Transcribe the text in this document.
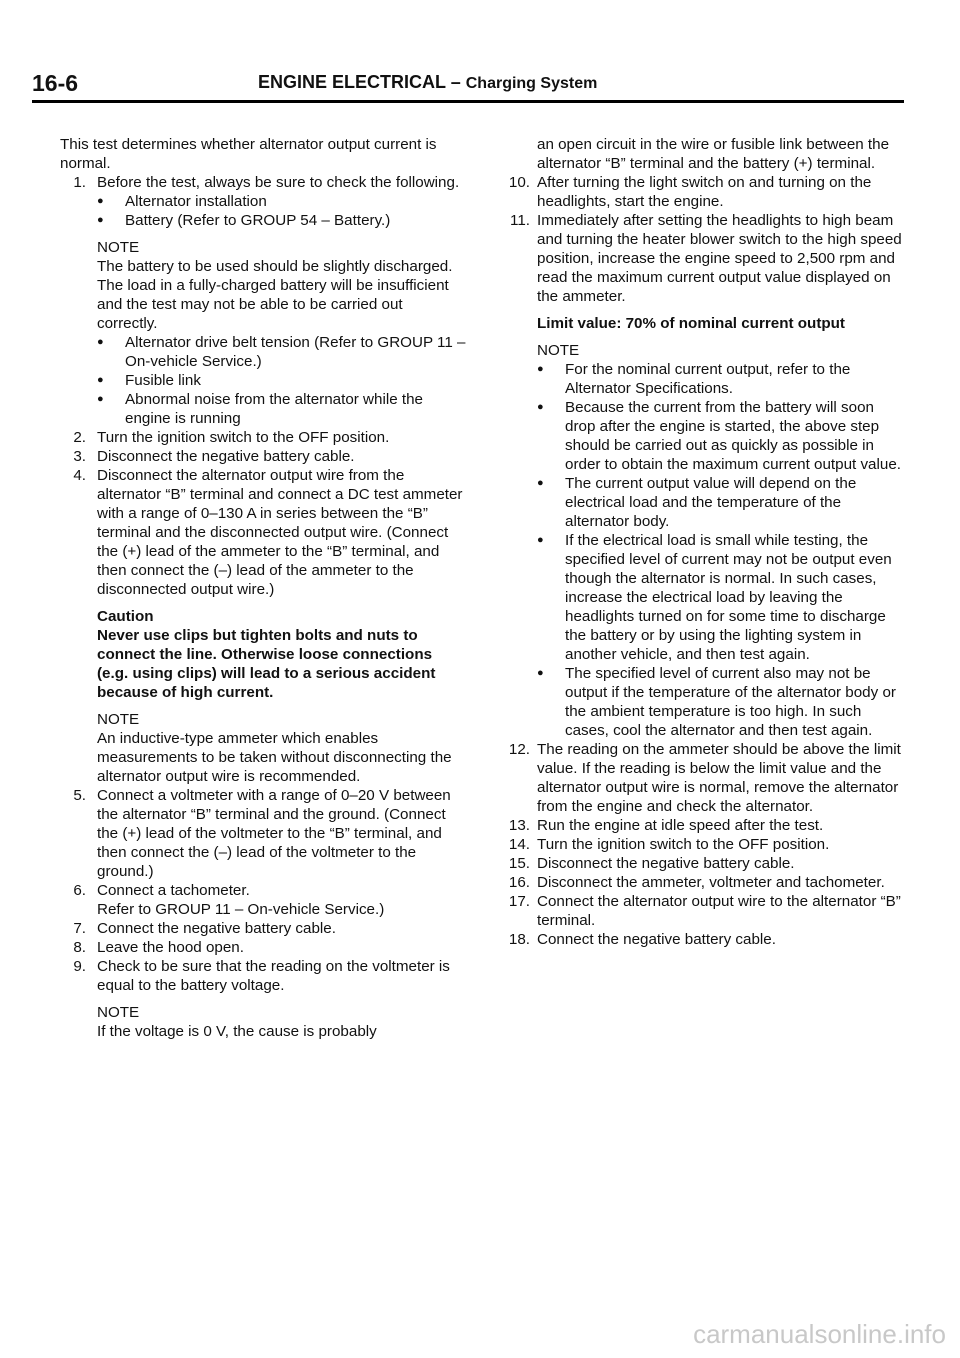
16-6	ENGINE ELECTRICAL – Charging System

This test determines whether alternator output current is normal.

1. Before the test, always be sure to check the following.
● Alternator installation
● Battery (Refer to GROUP 54 – Battery.)
NOTE
The battery to be used should be slightly discharged. The load in a fully-charged battery will be insufficient and the test may not be able to be carried out correctly.
● Alternator drive belt tension (Refer to GROUP 11 – On-vehicle Service.)
● Fusible link
● Abnormal noise from the alternator while the engine is running
2. Turn the ignition switch to the OFF position.
3. Disconnect the negative battery cable.
4. Disconnect the alternator output wire from the alternator “B” terminal and connect a DC test ammeter with a range of 0–130 A in series between the “B” terminal and the disconnected output wire. (Connect the (+) lead of the ammeter to the “B” terminal, and then connect the (–) lead of the ammeter to the disconnected output wire.)
Caution
Never use clips but tighten bolts and nuts to connect the line. Otherwise loose connections (e.g. using clips) will lead to a serious accident because of high current.
NOTE
An inductive-type ammeter which enables measurements to be taken without disconnecting the alternator output wire is recommended.
5. Connect a voltmeter with a range of 0–20 V between the alternator “B” terminal and the ground. (Connect the (+) lead of the voltmeter to the “B” terminal, and then connect the (–) lead of the voltmeter to the ground.)
6. Connect a tachometer.
Refer to GROUP 11 – On-vehicle Service.)
7. Connect the negative battery cable.
8. Leave the hood open.
9. Check to be sure that the reading on the voltmeter is equal to the battery voltage.
NOTE
If the voltage is 0 V, the cause is probably
an open circuit in the wire or fusible link between the alternator “B” terminal and the battery (+) terminal.
10. After turning the light switch on and turning on the headlights, start the engine.
11. Immediately after setting the headlights to high beam and turning the heater blower switch to the high speed position, increase the engine speed to 2,500 rpm and read the maximum current output value displayed on the ammeter.
Limit value: 70% of nominal current output
NOTE
● For the nominal current output, refer to the Alternator Specifications.
● Because the current from the battery will soon drop after the engine is started, the above step should be carried out as quickly as possible in order to obtain the maximum current output value.
● The current output value will depend on the electrical load and the temperature of the alternator body.
● If the electrical load is small while testing, the specified level of current may not be output even though the alternator is normal. In such cases, increase the electrical load by leaving the headlights turned on for some time to discharge the battery or by using the lighting system in another vehicle, and then test again.
● The specified level of current also may not be output if the temperature of the alternator body or the ambient temperature is too high. In such cases, cool the alternator and then test again.
12. The reading on the ammeter should be above the limit value. If the reading is below the limit value and the alternator output wire is normal, remove the alternator from the engine and check the alternator.
13. Run the engine at idle speed after the test.
14. Turn the ignition switch to the OFF position.
15. Disconnect the negative battery cable.
16. Disconnect the ammeter, voltmeter and tachometer.
17. Connect the alternator output wire to the alternator “B” terminal.
18. Connect the negative battery cable.
carmanualsonline.info
